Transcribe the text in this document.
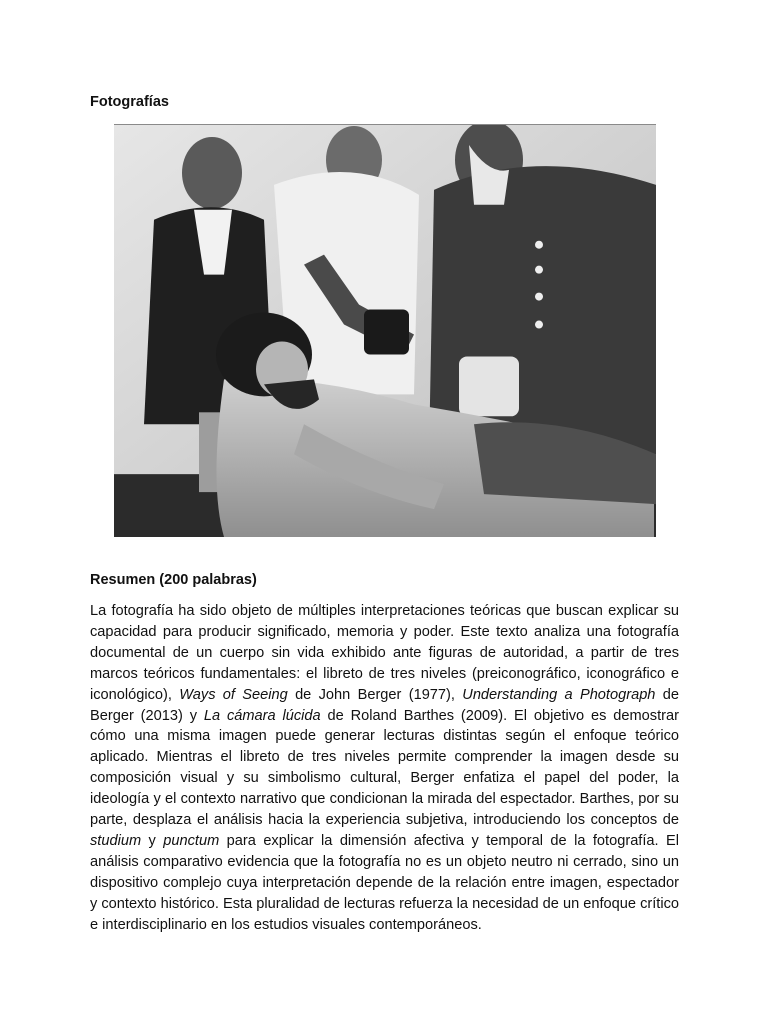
Fotografías
Resumen (200 palabras)

La fotografía ha sido objeto de múltiples interpretaciones teóricas que buscan explicar su capacidad para producir significado, memoria y poder. Este texto analiza una fotografía documental de un cuerpo sin vida exhibido ante figuras de autoridad, a partir de tres marcos teóricos fundamentales: el libreto de tres niveles (preiconográfico, iconográfico e iconológico), Ways of Seeing de John Berger (1977), Understanding a Photograph de Berger (2013) y La cámara lúcida de Roland Barthes (2009). El objetivo es demostrar cómo una misma imagen puede generar lecturas distintas según el enfoque teórico aplicado. Mientras el libreto de tres niveles permite comprender la imagen desde su composición visual y su simbolismo cultural, Berger enfatiza el papel del poder, la ideología y el contexto narrativo que condicionan la mirada del espectador. Barthes, por su parte, desplaza el análisis hacia la experiencia subjetiva, introduciendo los conceptos de studium y punctum para explicar la dimensión afectiva y temporal de la fotografía. El análisis comparativo evidencia que la fotografía no es un objeto neutro ni cerrado, sino un dispositivo complejo cuya interpretación depende de la relación entre imagen, espectador y contexto histórico. Esta pluralidad de lecturas refuerza la necesidad de un enfoque crítico e interdisciplinario en los estudios visuales contemporáneos.
